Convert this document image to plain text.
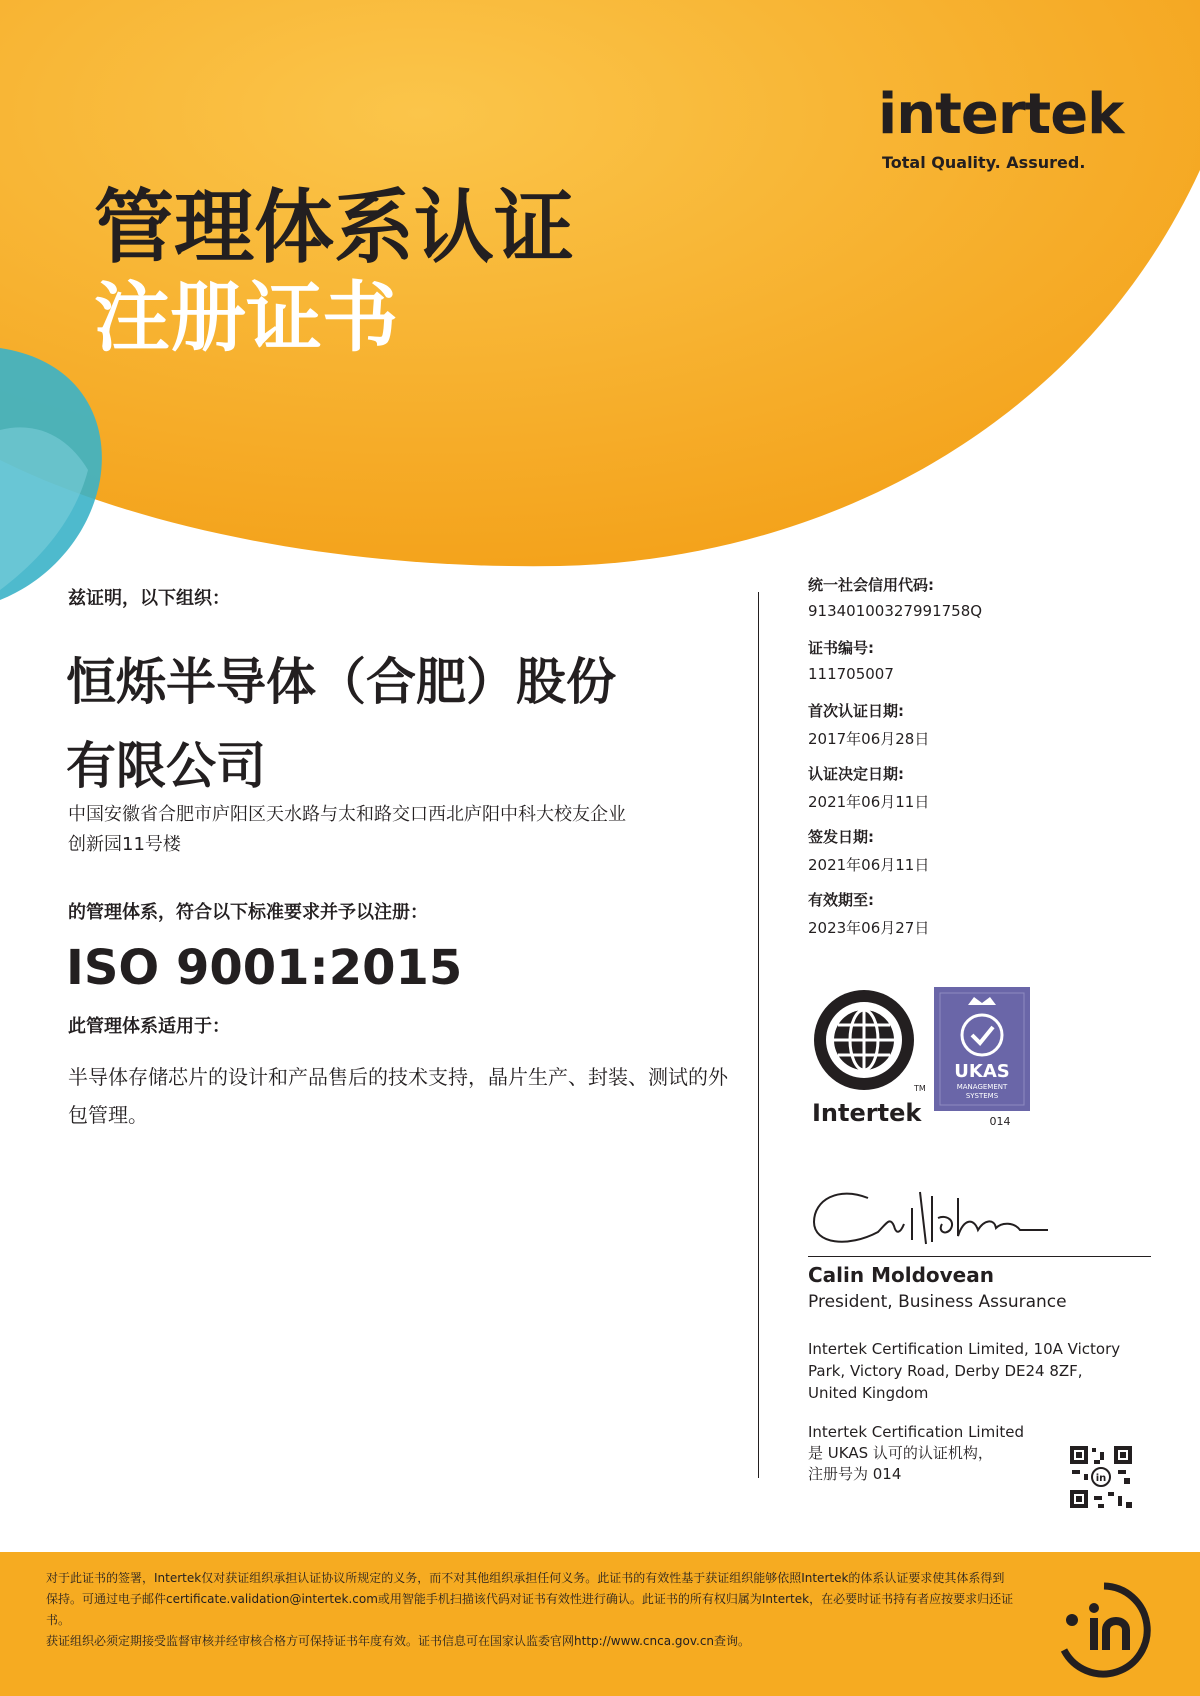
intertek
Total Quality. Assured.
管理体系认证
注册证书
兹证明，以下组织：
恒烁半导体（合肥）股份
有限公司
中国安徽省合肥市庐阳区天水路与太和路交口西北庐阳中科大校友企业
创新园11号楼
的管理体系，符合以下标准要求并予以注册：
ISO 9001:2015
此管理体系适用于：
半导体存储芯片的设计和产品售后的技术支持，晶片生产、封装、测试的外
包管理。
统一社会信用代码:
91340100327991758Q
证书编号:
111705007
首次认证日期:
2017年06月28日
认证决定日期:
2021年06月11日
签发日期:
2021年06月11日
有效期至:
2023年06月27日
TM
UKAS
MANAGEMENT
SYSTEMS
Intertek	014
Calin Moldovean
President, Business Assurance
Intertek Certification Limited, 10A Victory Park, Victory Road, Derby DE24 8ZF, United Kingdom
Intertek Certification Limited
是 UKAS 认可的认证机构，
注册号为 014	in
对于此证书的签署，Intertek仅对获证组织承担认证协议所规定的义务，而不对其他组织承担任何义务。此证书的有效性基于获证组织能够依照Intertek的体系认证要求使其体系得到
保持。可通过电子邮件certificate.validation@intertek.com或用智能手机扫描该代码对证书有效性进行确认。此证书的所有权归属为Intertek，在必要时证书持有者应按要求归还证
书。
获证组织必须定期接受监督审核并经审核合格方可保持证书年度有效。证书信息可在国家认监委官网http://www.cnca.gov.cn查询。
